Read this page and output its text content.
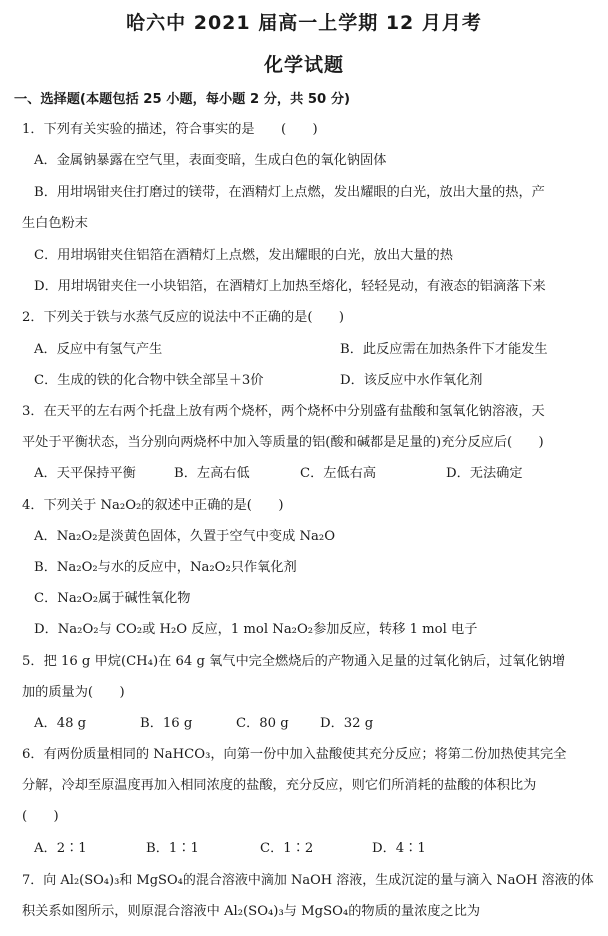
哈六中 2021 届高一上学期 12 月月考
化学试题
一、选择题(本题包括 25 小题，每小题 2 分，共 50 分)
1．下列有关实验的描述，符合事实的是　　(　　)
A．金属钠暴露在空气里，表面变暗，生成白色的氧化钠固体
B．用坩埚钳夹住打磨过的镁带，在酒精灯上点燃，发出耀眼的白光，放出大量的热，产
生白色粉末
C．用坩埚钳夹住铝箔在酒精灯上点燃，发出耀眼的白光，放出大量的热
D．用坩埚钳夹住一小块铝箔，在酒精灯上加热至熔化，轻轻晃动，有液态的铝滴落下来
2．下列关于铁与水蒸气反应的说法中不正确的是(　　)
A．反应中有氢气产生	B．此反应需在加热条件下才能发生
C．生成的铁的化合物中铁全部呈＋3价	D．该反应中水作氧化剂
3．在天平的左右两个托盘上放有两个烧杯，两个烧杯中分别盛有盐酸和氢氧化钠溶液，天
平处于平衡状态，当分别向两烧杯中加入等质量的铝(酸和碱都是足量的)充分反应后(　　)
A．天平保持平衡	B．左高右低	C．左低右高	D．无法确定
4．下列关于 Na₂O₂的叙述中正确的是(　　)
A．Na₂O₂是淡黄色固体，久置于空气中变成 Na₂O
B．Na₂O₂与水的反应中，Na₂O₂只作氧化剂
C．Na₂O₂属于碱性氧化物
D．Na₂O₂与 CO₂或 H₂O 反应，1 mol Na₂O₂参加反应，转移 1 mol 电子
5．把 16 g 甲烷(CH₄)在 64 g 氧气中完全燃烧后的产物通入足量的过氧化钠后，过氧化钠增
加的质量为(　　)
A．48 g	B．16 g	C．80 g D．32 g
6．有两份质量相同的 NaHCO₃，向第一份中加入盐酸使其充分反应；将第二份加热使其完全
分解，冷却至原温度再加入相同浓度的盐酸，充分反应，则它们所消耗的盐酸的体积比为
(　　)
A．2∶1	B．1∶1	C．1∶2	D．4∶1
7．向 Al₂(SO₄)₃和 MgSO₄的混合溶液中滴加 NaOH 溶液，生成沉淀的量与滴入 NaOH 溶液的体
积关系如图所示，则原混合溶液中 Al₂(SO₄)₃与 MgSO₄的物质的量浓度之比为
